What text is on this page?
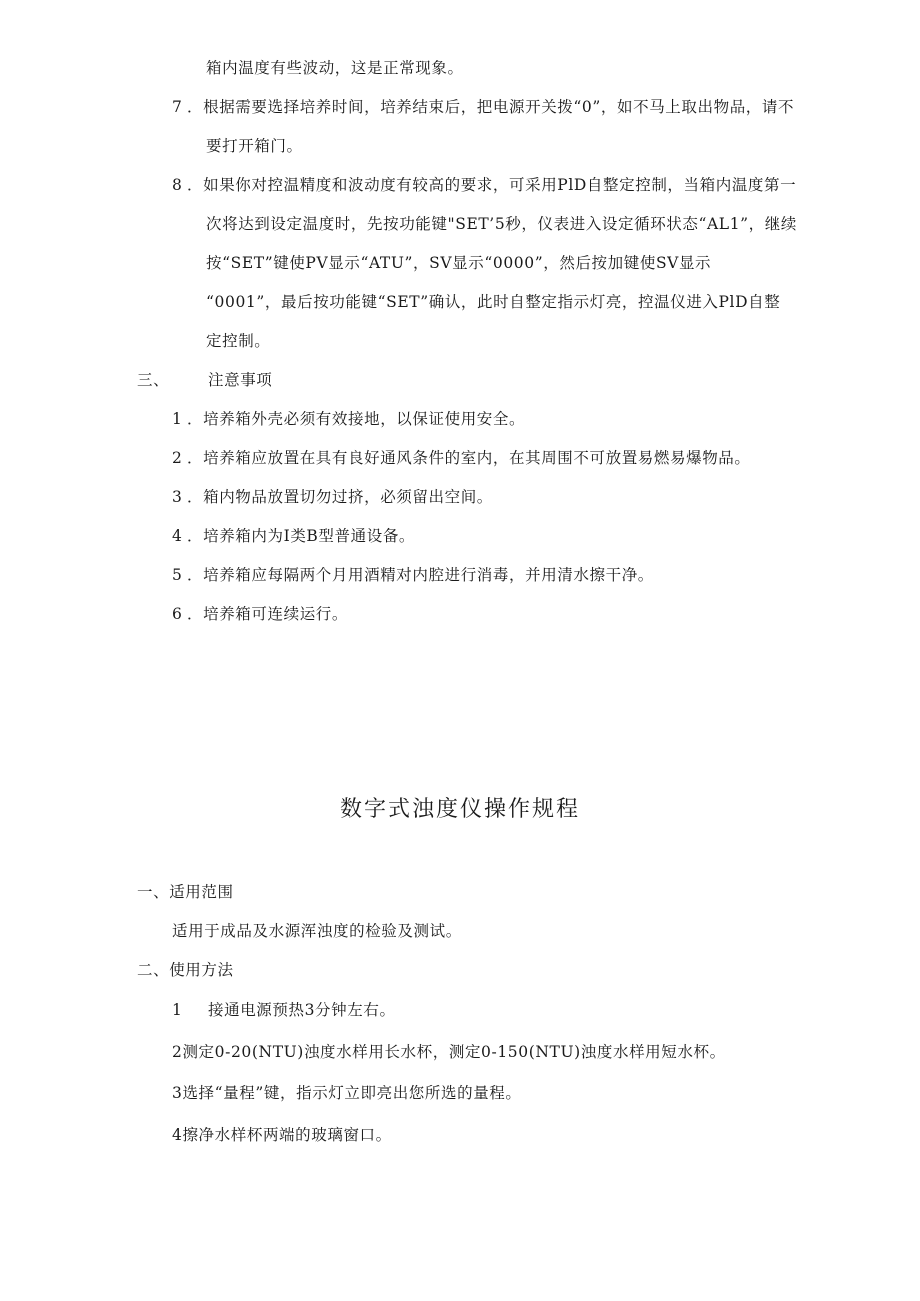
箱内温度有些波动，这是正常现象。
7 ．根据需要选择培养时间，培养结束后，把电源开关拨“0”，如不马上取出物品，请不
要打开箱门。
8 ．如果你对控温精度和波动度有较高的要求，可采用PlD自整定控制，当箱内温度第一
次将达到设定温度时，先按功能键"SET’5秒，仪表进入设定循环状态“AL1”，继续
按“SET”键使PV显示“ATU”，SV显示“0000”，然后按加键使SV显示
“0001”，最后按功能键“SET”确认，此时自整定指示灯亮，控温仪进入PlD自整
定控制。
三、	注意事项
1 ．培养箱外壳必须有效接地，以保证使用安全。
2 ．培养箱应放置在具有良好通风条件的室内，在其周围不可放置易燃易爆物品。
3 ．箱内物品放置切勿过挤，必须留出空间。
4 ．培养箱内为I类B型普通设备。
5 ．培养箱应每隔两个月用酒精对内腔进行消毒，并用清水擦干净。
6 ．培养箱可连续运行。
数字式浊度仪操作规程
一、适用范围
适用于成品及水源浑浊度的检验及测试。
二、使用方法
1 接通电源预热3分钟左右。
2测定0-20(NTU)浊度水样用长水杯，测定0-150(NTU)浊度水样用短水杯。
3选择“量程”键，指示灯立即亮出您所选的量程。
4擦净水样杯两端的玻璃窗口。
